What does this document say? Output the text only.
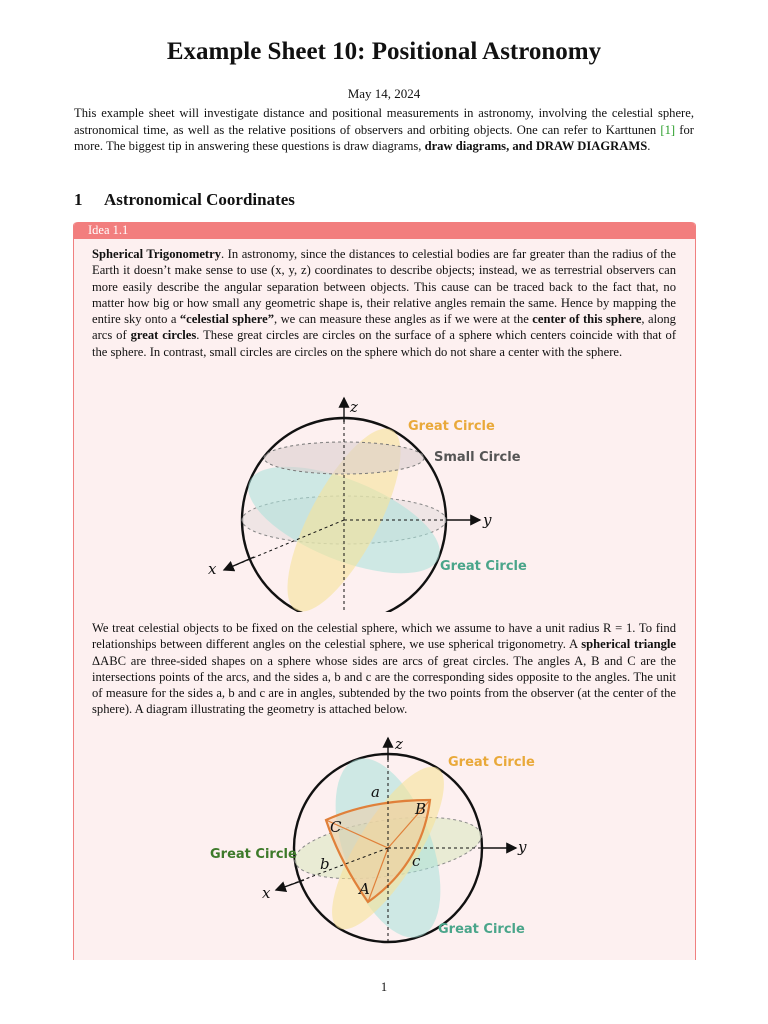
Example Sheet 10: Positional Astronomy
May 14, 2024
This example sheet will investigate distance and positional measurements in astronomy, involving the celestial sphere, astronomical time, as well as the relative positions of observers and orbiting objects. One can refer to Karttunen [1] for more. The biggest tip in answering these questions is draw diagrams, draw diagrams, and DRAW DIAGRAMS.
1 Astronomical Coordinates
Idea 1.1
Spherical Trigonometry. In astronomy, since the distances to celestial bodies are far greater than the radius of the Earth it doesn’t make sense to use (x, y, z) coordinates to describe objects; instead, we as terrestrial observers can more easily describe the angular separation between objects. This cause can be traced back to the fact that, no matter how big or how small any geometric shape is, their relative angles remain the same. Hence by mapping the entire sky onto a “celestial sphere”, we can measure these angles as if we were at the center of this sphere, along arcs of great circles. These great circles are circles on the surface of a sphere which centers coincide with that of the sphere. In contrast, small circles are circles on the sphere which do not share a center with the sphere.
z
y
x
Great Circle
Small Circle
Great Circle
We treat celestial objects to be fixed on the celestial sphere, which we assume to have a unit radius R = 1. To find relationships between different angles on the celestial sphere, we use spherical trigonometry. A spherical triangle ΔABC are three-sided shapes on a sphere whose sides are arcs of great circles. The angles A, B and C are the intersections points of the arcs, and the sides a, b and c are the corresponding sides opposite to the angles. The unit of measure for the sides a, b and c are in angles, subtended by the two points from the observer (at the center of the sphere). A diagram illustrating the geometry is attached below.
z
y
x
a
b	c
B
C
A
Great Circle
Great Circle
Great Circle
1
